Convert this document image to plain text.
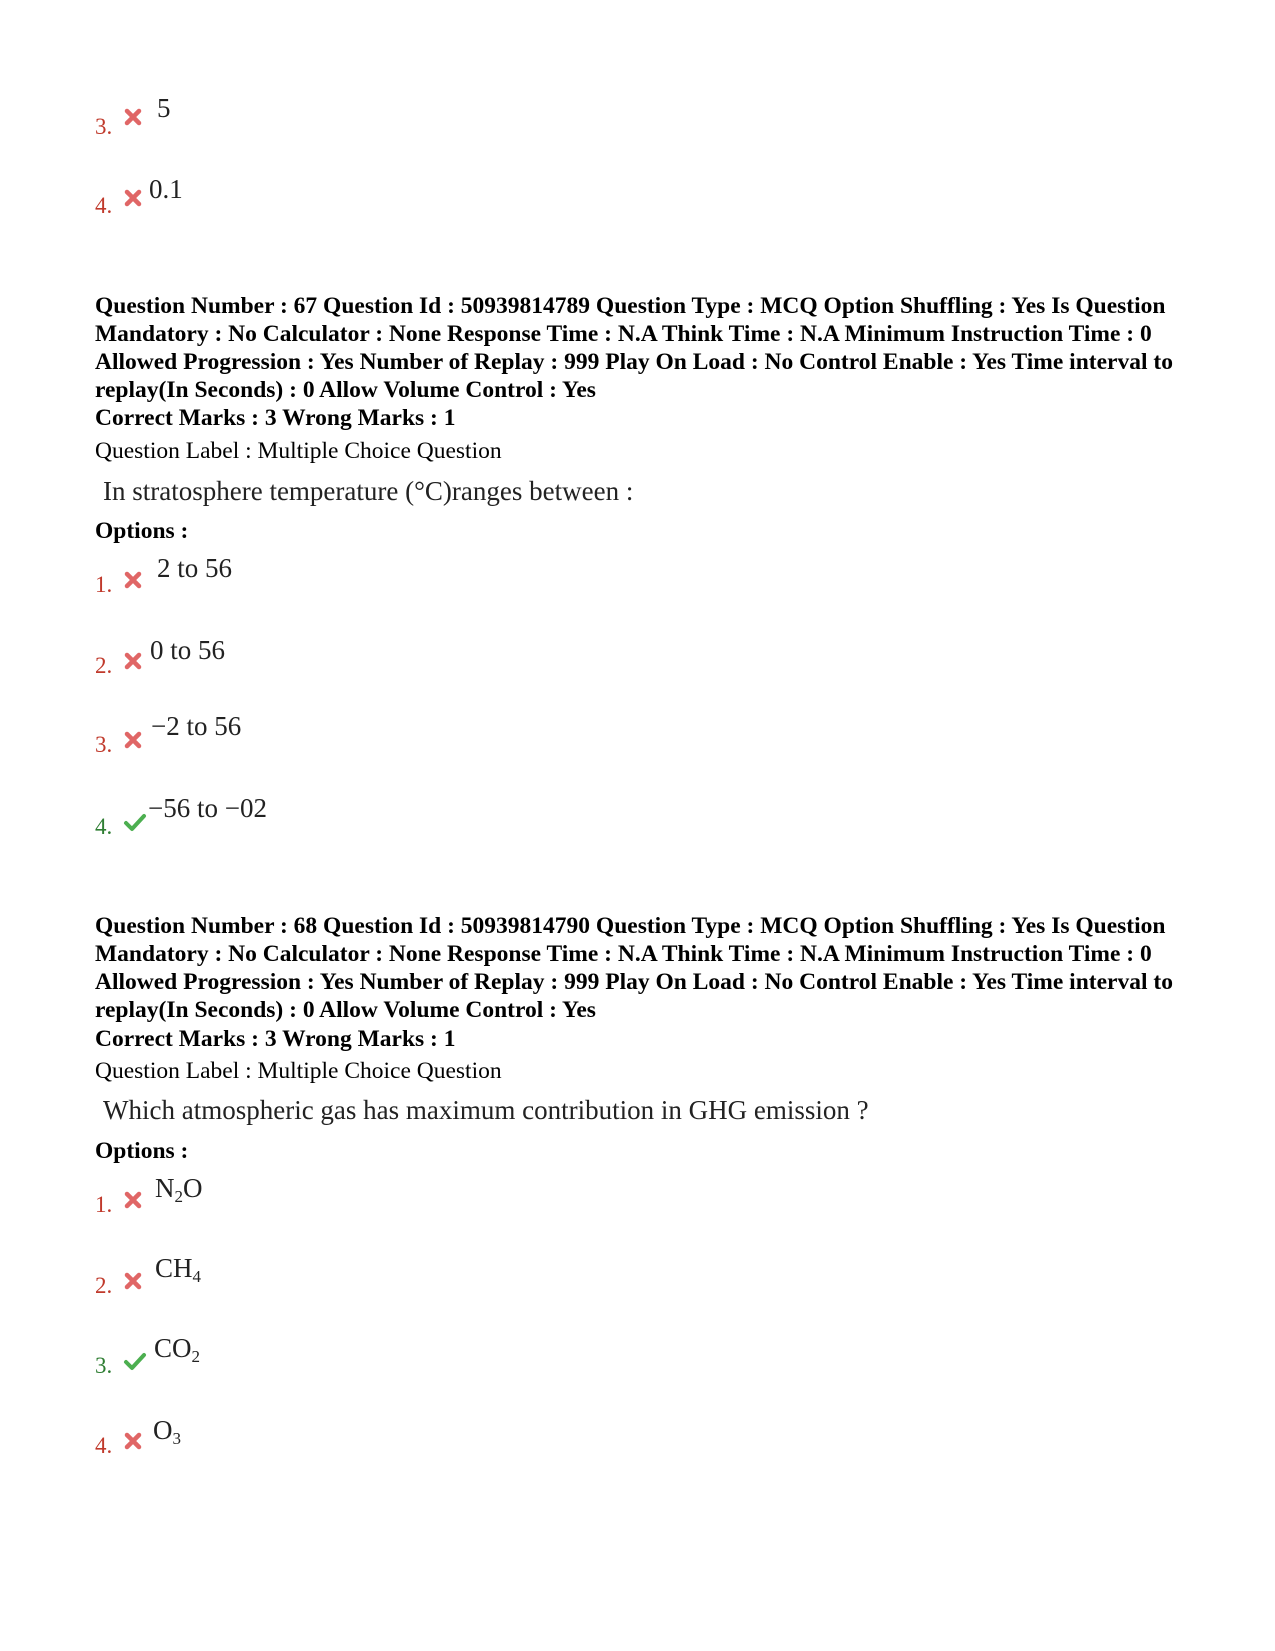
3.
5
4.
0.1

Question Number : 67 Question Id : 50939814789 Question Type : MCQ Option Shuffling : Yes Is Question Mandatory : No Calculator : None Response Time : N.A Think Time : N.A Minimum Instruction Time : 0 Allowed Progression : Yes Number of Replay : 999 Play On Load : No Control Enable : Yes Time interval to replay(In Seconds) : 0 Allow Volume Control : Yes

Correct Marks : 3 Wrong Marks : 1
Question Label : Multiple Choice Question
In stratosphere temperature (°C)ranges between :
Options :
1.
2 to 56
2.
0 to 56
3.
−2 to 56
4.
−56 to −02

Question Number : 68 Question Id : 50939814790 Question Type : MCQ Option Shuffling : Yes Is Question Mandatory : No Calculator : None Response Time : N.A Think Time : N.A Minimum Instruction Time : 0 Allowed Progression : Yes Number of Replay : 999 Play On Load : No Control Enable : Yes Time interval to replay(In Seconds) : 0 Allow Volume Control : Yes

Correct Marks : 3 Wrong Marks : 1
Question Label : Multiple Choice Question
Which atmospheric gas has maximum contribution in GHG emission ?
Options :
1.
$N_2O$
2.
$CH_4$
3.
$CO_2$
4.
$O_3$
